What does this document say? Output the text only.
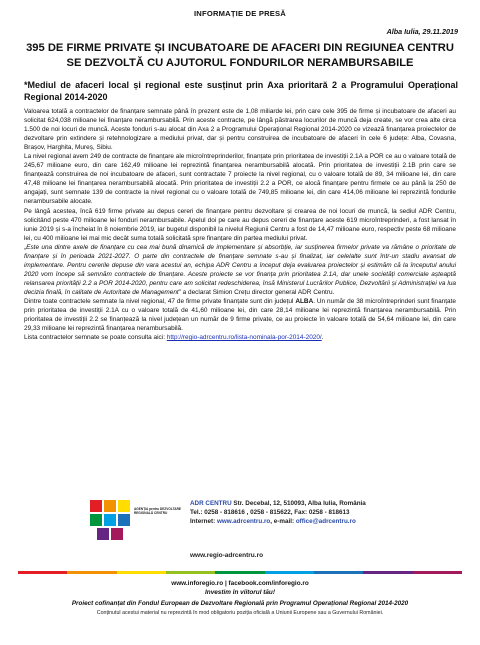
INFORMAȚIE DE PRESĂ
Alba Iulia, 29.11.2019
395 DE FIRME PRIVATE ȘI INCUBATOARE DE AFACERI DIN REGIUNEA CENTRU SE DEZVOLTĂ CU AJUTORUL FONDURILOR NERAMBURSABILE
*Mediul de afaceri local și regional este susținut prin Axa prioritară 2 a Programului Operațional Regional 2014-2020

Valoarea totală a contractelor de finanțare semnate până în prezent este de 1,08 miliarde lei, prin care cele 395 de firme și incubatoare de afaceri au solicitat 624,038 milioane lei finanțare nerambursabilă. Prin aceste contracte, pe lângă păstrarea locurilor de muncă deja create, se vor crea alte circa 1.500 de noi locuri de muncă. Aceste fonduri s-au alocat din Axa 2 a Programului Operațional Regional 2014-2020 ce vizează finanțarea proiectelor de dezvoltare prin extindere și retehnologizare a mediului privat, dar și pentru construirea de incubatoare de afaceri în cele 6 județe: Alba, Covasna, Brașov, Harghita, Mureș, Sibiu.

La nivel regional avem 249 de contracte de finanțare ale microîntreprinderilor, finanțate prin prioritatea de investiții 2.1A a POR ce au o valoare totală de 245,67 milioane euro, din care 162,49 milioane lei reprezintă finanțarea nerambursabilă alocată. Prin prioritatea de investiții 2.1B prin care se finanțează construirea de noi incubatoare de afaceri, sunt contractate 7 proiecte la nivel regional, cu o valoare totală de 89, 34 milioane lei, din care 47,48 milioane lei finanțarea nerambursabilă alocată. Prin prioritatea de investiții 2.2 a POR, ce alocă finanțare pentru firmele ce au până la 250 de angajați, sunt semnate 139 de contracte la nivel regional cu o valoare totală de 749,85 milioane lei, din care 414,06 milioane lei reprezintă fondurile nerambursabile alocate.

Pe lângă acestea, încă 619 firme private au depus cereri de finanțare pentru dezvoltare și crearea de noi locuri de muncă, la sediul ADR Centru, solicitând peste 470 milioane lei fonduri nerambursabile. Apelul doi pe care au depus cereri de finanțare aceste 619 microîntreprinderi, a fost lansat în iunie 2019 și s-a încheiat în 8 noiembrie 2019, iar bugetul disponibil la nivelul Regiunii Centru a fost de 14,47 milioane euro, respectiv peste 68 milioane lei, cu 400 milioane lei mai mic decât suma totală solicitată spre finanțare din partea mediului privat.

„Este una dintre axele de finanțare cu cea mai bună dinamică de implementare și absorbție, iar susținerea firmelor private va rămâne o prioritate de finanțare și în perioada 2021-2027. O parte din contractele de finanțare semnate s-au și finalizat, iar celelalte sunt într-un stadiu avansat de implementare. Pentru cererile depuse din vara acestui an, echipa ADR Centru a început deja evaluarea proiectelor și estimăm că la începutul anului 2020 vom începe să semnăm contractele de finanțare. Aceste proiecte se vor finanța prin prioritatea 2.1A, dar unele societăți comerciale așteaptă relansarea priorității 2.2 a POR 2014-2020, pentru care am solicitat redeschiderea, însă Ministerul Lucrărilor Publice, Dezvoltării și Administrației va lua decizia finală, în calitate de Autoritate de Management” a declarat Simion Crețu director general ADR Centru.

Dintre toate contractele semnate la nivel regional, 47 de firme private finanțate sunt din județul ALBA. Un număr de 38 microîntreprinderi sunt finanțate prin prioritatea de investiții 2.1A cu o valoare totală de 41,60 milioane lei, din care 28,14 milioane lei reprezintă finanțarea nerambursabilă. Prin prioritatea de investiții 2.2 se finanțează la nivel județean un număr de 9 firme private, ce au proiecte în valoare totală de 54,64 milioane lei, din care 29,33 milioane lei reprezintă finanțarea nerambursabilă.

Lista contractelor semnate se poate consulta aici: http://regio-adrcentru.ro/lista-nominala-por-2014-2020/.

AGENȚIA pentru DEZVOLTARE REGIONALĂ CENTRU
ADR CENTRU Str. Decebal, 12, 510093, Alba Iulia, România
Tel.: 0258 - 818616 , 0258 - 815622, Fax: 0258 - 818613
Internet: www.adrcentru.ro, e-mail: office@adrcentru.ro
www.regio-adrcentru.ro
www.inforegio.ro | facebook.com/inforegio.ro
Investim în viitorul tău!
Proiect cofinanțat din Fondul European de Dezvoltare Regională prin Programul Operațional Regional 2014-2020
Conținutul acestui material nu reprezintă în mod obligatoriu poziția oficială a Uniunii Europene sau a Guvernului României.
